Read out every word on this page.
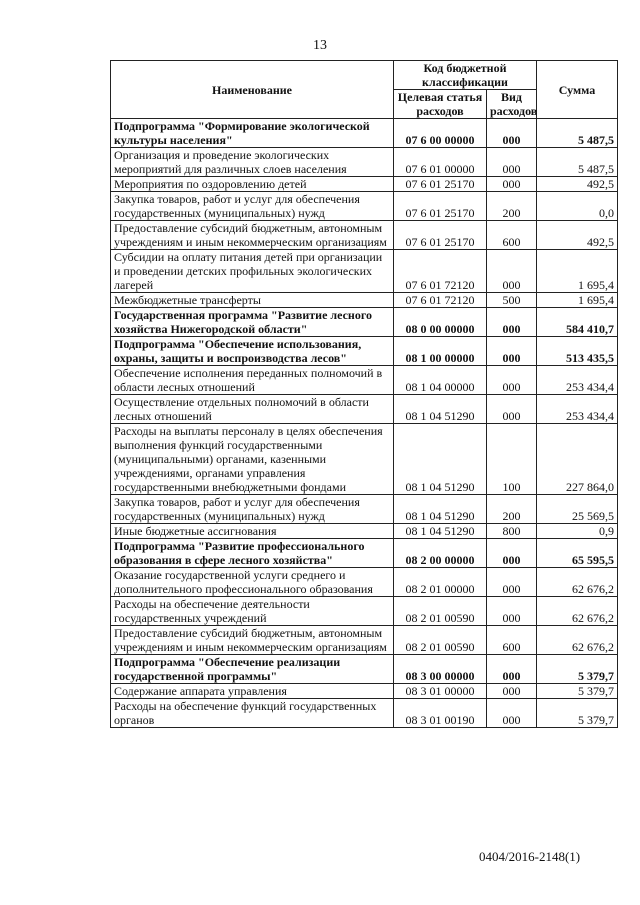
13
Наименование	Код бюджетной классификации		Сумма
	Целевая статья расходов	Вид расходов	
Подпрограмма "Формирование экологической культуры населения"	07 6 00 00000	000	5 487,5
Организация и проведение экологических мероприятий для различных слоев населения	07 6 01 00000	000	5 487,5
Мероприятия по оздоровлению детей	07 6 01 25170	000	492,5
Закупка товаров, работ и услуг для обеспечения государственных (муниципальных) нужд	07 6 01 25170	200	0,0
Предоставление субсидий бюджетным, автономным учреждениям и иным некоммерческим организациям	07 6 01 25170	600	492,5
Субсидии на оплату питания детей при организации и проведении детских профильных экологических лагерей	07 6 01 72120	000	1 695,4
Межбюджетные трансферты	07 6 01 72120	500	1 695,4
Государственная программа "Развитие лесного хозяйства Нижегородской области"	08 0 00 00000	000	584 410,7
Подпрограмма "Обеспечение использования, охраны, защиты и воспроизводства лесов"	08 1 00 00000	000	513 435,5
Обеспечение исполнения переданных полномочий в области лесных отношений	08 1 04 00000	000	253 434,4
Осуществление отдельных полномочий в области лесных отношений	08 1 04 51290	000	253 434,4
Расходы на выплаты персоналу в целях обеспечения выполнения функций государственными (муниципальными) органами, казенными учреждениями, органами управления государственными внебюджетными фондами	08 1 04 51290	100	227 864,0
Закупка товаров, работ и услуг для обеспечения государственных (муниципальных) нужд	08 1 04 51290	200	25 569,5
Иные бюджетные ассигнования	08 1 04 51290	800	0,9
Подпрограмма "Развитие профессионального образования в сфере лесного хозяйства"	08 2 00 00000	000	65 595,5
Оказание государственной услуги среднего и дополнительного профессионального образования	08 2 01 00000	000	62 676,2
Расходы на обеспечение деятельности государственных учреждений	08 2 01 00590	000	62 676,2
Предоставление субсидий бюджетным, автономным учреждениям и иным некоммерческим организациям	08 2 01 00590	600	62 676,2
Подпрограмма "Обеспечение реализации государственной программы"	08 3 00 00000	000	5 379,7
Содержание аппарата управления	08 3 01 00000	000	5 379,7
Расходы на обеспечение функций государственных органов	08 3 01 00190	000	5 379,7
0404/2016-2148(1)
